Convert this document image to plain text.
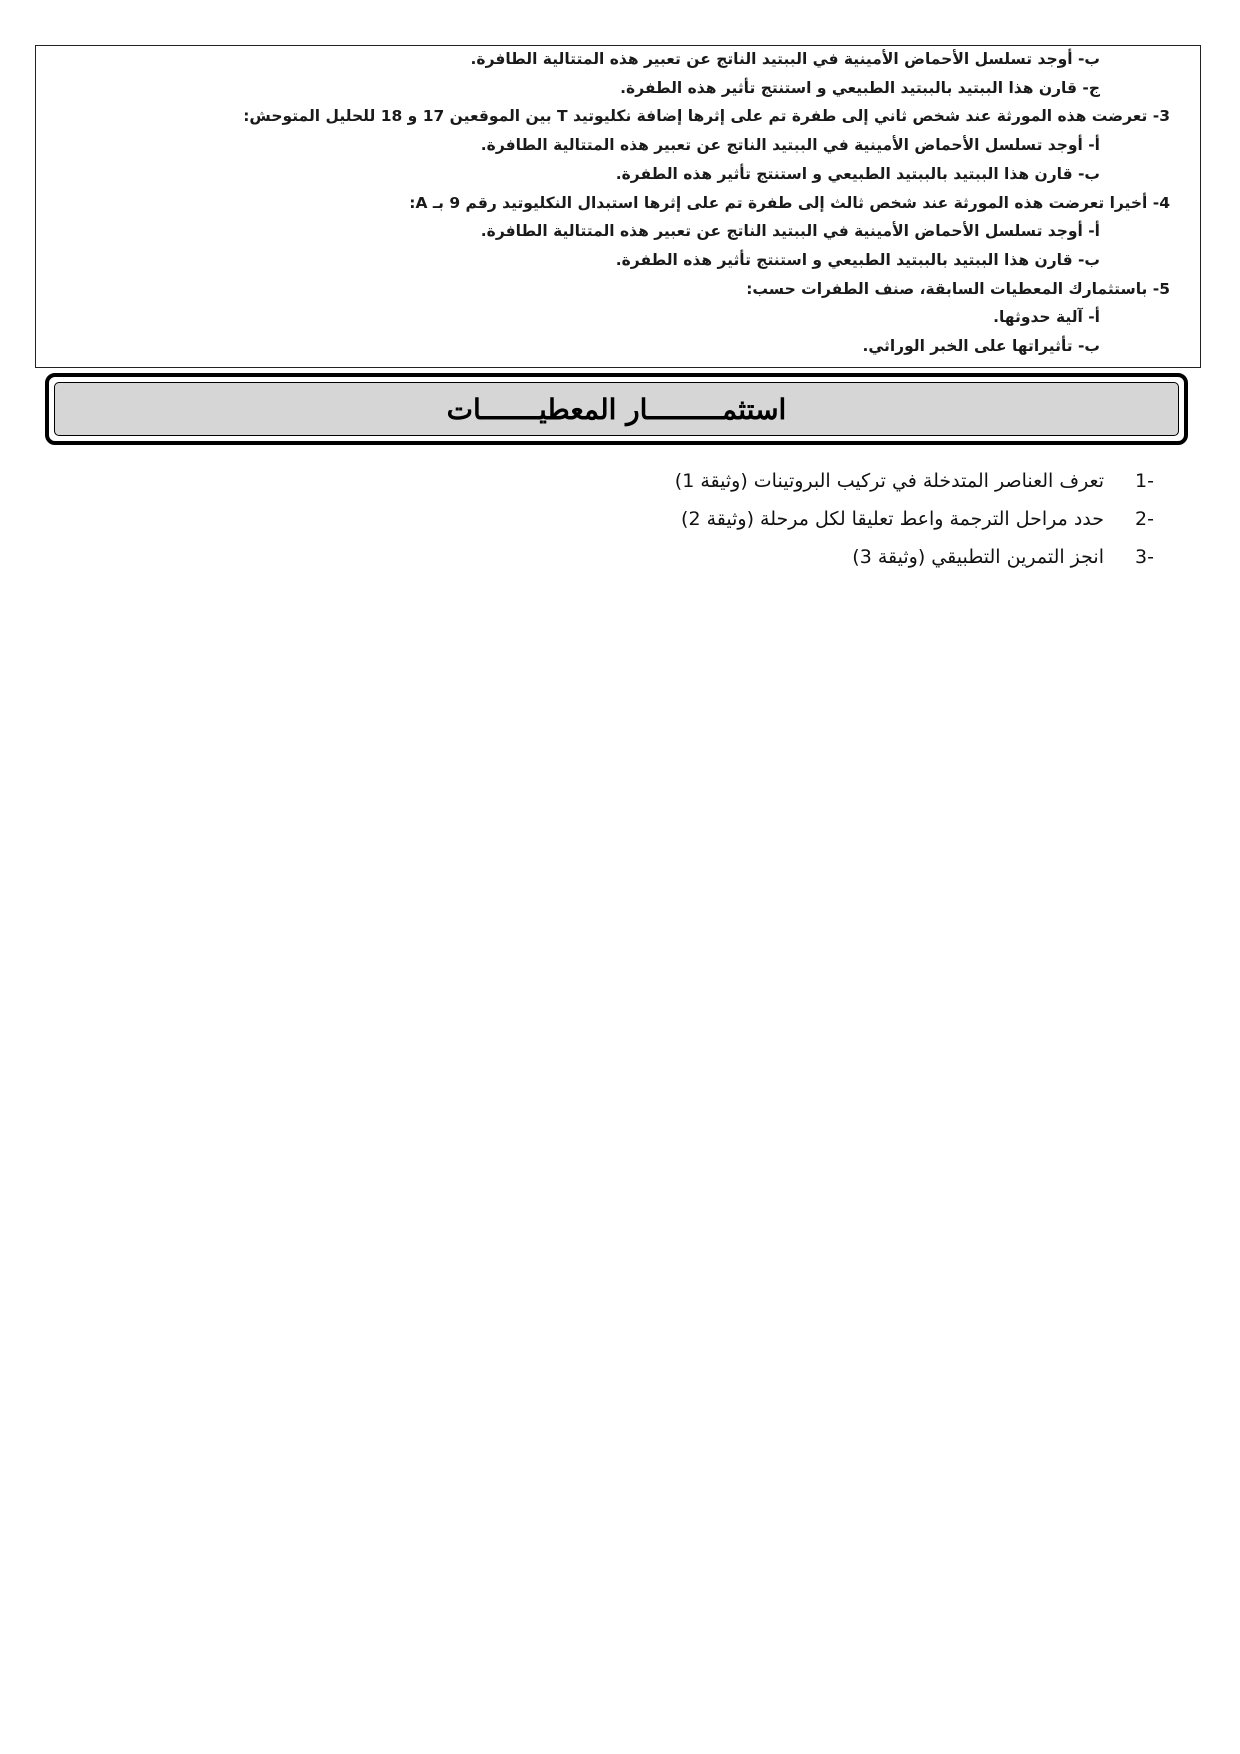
ب- أوجد تسلسل الأحماض الأمينية في الببتيد الناتج عن تعبير هذه المتتالية الطافرة.
ج- قارن هذا الببتيد بالببتيد الطبيعي و استنتج تأثير هذه الطفرة.
3- تعرضت هذه المورثة عند شخص ثاني إلى طفرة تم على إثرها إضافة نكليوتيد T بين الموقعين 17 و 18 للحليل المتوحش:
أ- أوجد تسلسل الأحماض الأمينية في الببتيد الناتج عن تعبير هذه المتتالية الطافرة.
ب- قارن هذا الببتيد بالببتيد الطبيعي و استنتج تأثير هذه الطفرة.
4- أخيرا تعرضت هذه المورثة عند شخص ثالث إلى طفرة تم على إثرها استبدال النكليوتيد رقم 9 بـ A:
أ- أوجد تسلسل الأحماض الأمينية في الببتيد الناتج عن تعبير هذه المتتالية الطافرة.
ب- قارن هذا الببتيد بالببتيد الطبيعي و استنتج تأثير هذه الطفرة.
5- باستثمارك المعطيات السابقة، صنف الطفرات حسب:
أ- آلية حدوثها.
ب- تأثيراتها على الخبر الوراثي.
استثمـــــــــار المعطيـــــــات
-1
تعرف العناصر المتدخلة في تركيب البروتينات (وثيقة 1)
-2
حدد مراحل الترجمة واعط تعليقا لكل مرحلة (وثيقة 2)
-3
انجز التمرين التطبيقي (وثيقة 3)
